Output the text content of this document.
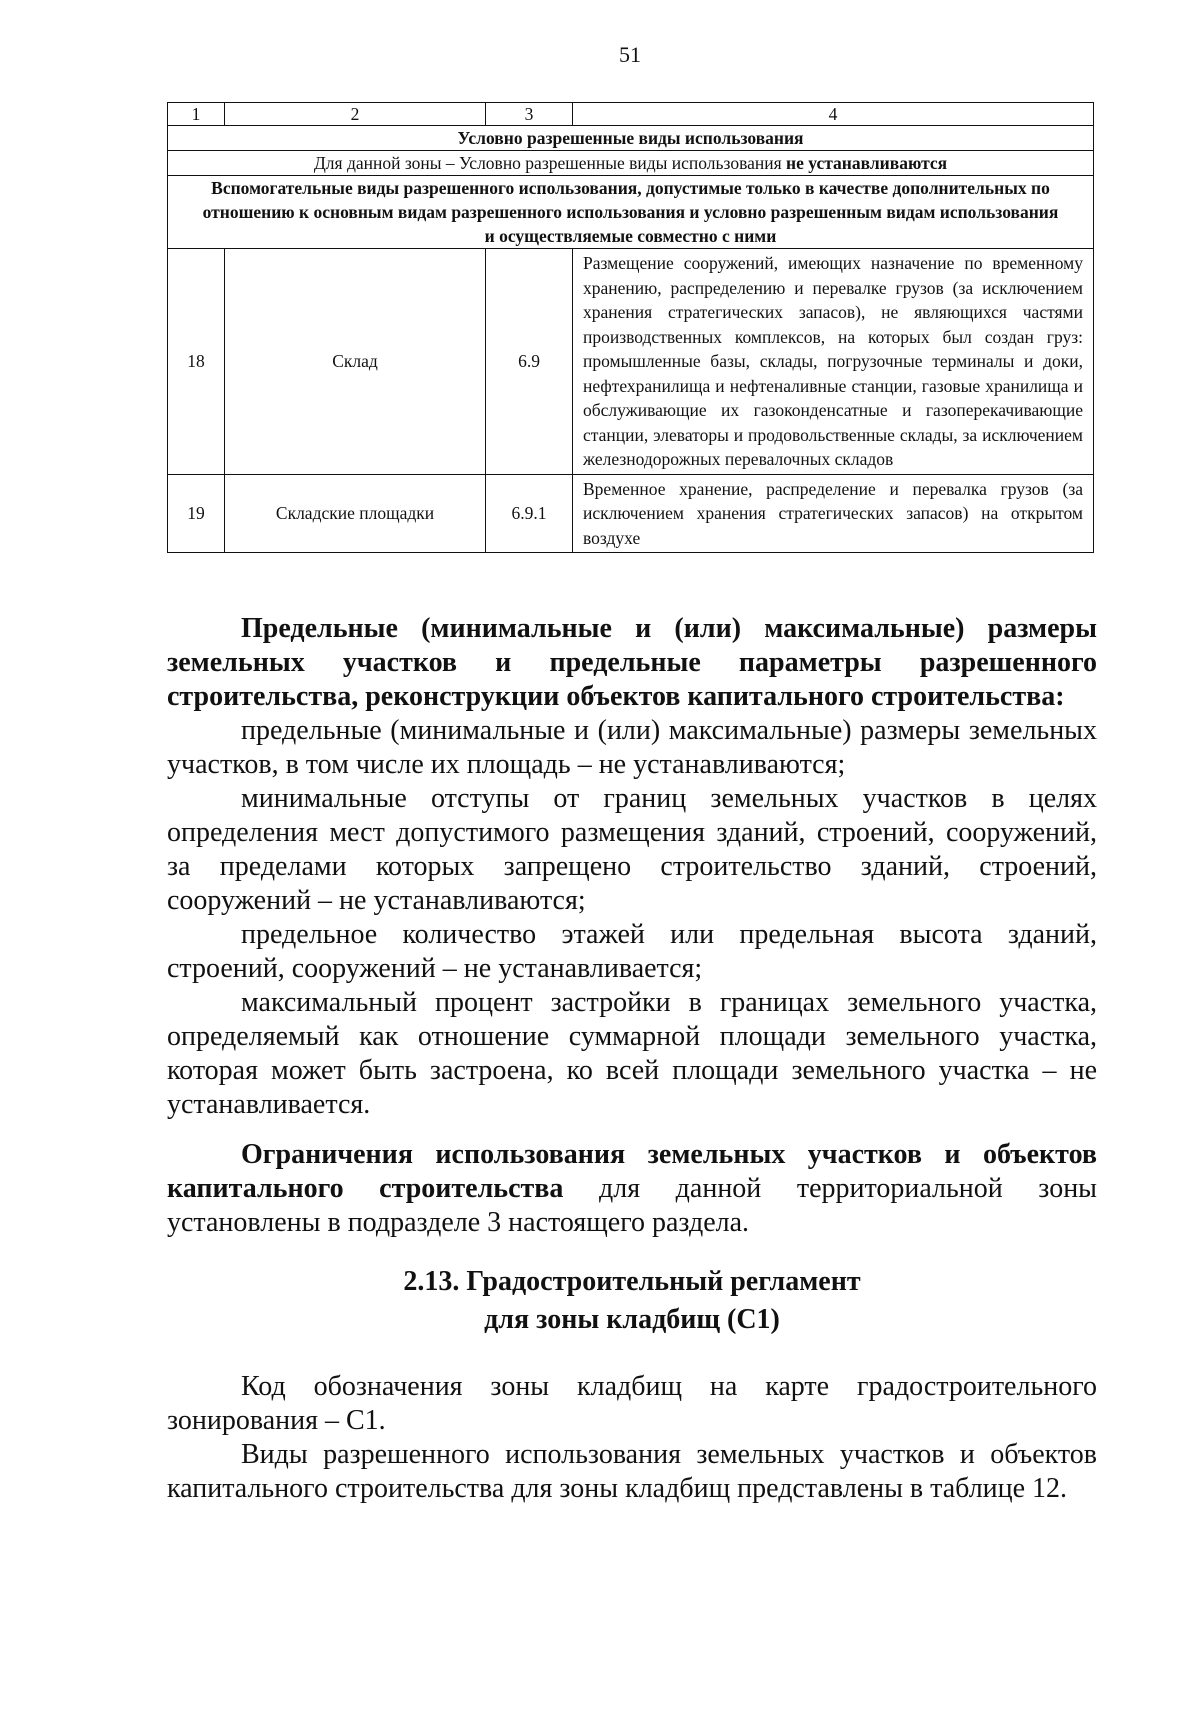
51
1	2	3	4
Условно разрешенные виды использования			
Для данной зоны – Условно разрешенные виды использования не устанавливаются			
Вспомогательные виды разрешенного использования, допустимые только в качестве дополнительных по отношению к основным видам разрешенного использования и условно разрешенным видам использования и осуществляемые совместно с ними			
18	Склад	6.9	Размещение сооружений, имеющих назначение по временному хранению, распределению и перевалке грузов (за исключением хранения стратегических запасов), не являющихся частями производственных комплексов, на которых был создан груз: промышленные базы, склады, погрузочные терминалы и доки, нефтехранилища и нефтеналивные станции, газовые хранилища и обслуживающие их газоконденсатные и газоперекачивающие станции, элеваторы и продовольственные склады, за исключением железнодорожных перевалочных складов
19	Складские площадки	6.9.1	Временное хранение, распределение и перевалка грузов (за исключением хранения стратегических запасов) на открытом воздухе

Предельные (минимальные и (или) максимальные) размеры земельных участков и предельные параметры разрешенного строительства, реконструкции объектов капитального строительства:

предельные (минимальные и (или) максимальные) размеры земельных участков, в том числе их площадь – не устанавливаются;

минимальные отступы от границ земельных участков в целях определения мест допустимого размещения зданий, строений, сооружений, за пределами которых запрещено строительство зданий, строений, сооружений – не устанавливаются;

предельное количество этажей или предельная высота зданий, строений, сооружений – не устанавливается;

максимальный процент застройки в границах земельного участка, определяемый как отношение суммарной площади земельного участка, которая может быть застроена, ко всей площади земельного участка – не устанавливается.

Ограничения использования земельных участков и объектов капитального строительства для данной территориальной зоны установлены в подразделе 3 настоящего раздела.

2.13. Градостроительный регламент
для зоны кладбищ (С1)

Код обозначения зоны кладбищ на карте градостроительного зонирования – С1.

Виды разрешенного использования земельных участков и объектов капитального строительства для зоны кладбищ представлены в таблице 12.
